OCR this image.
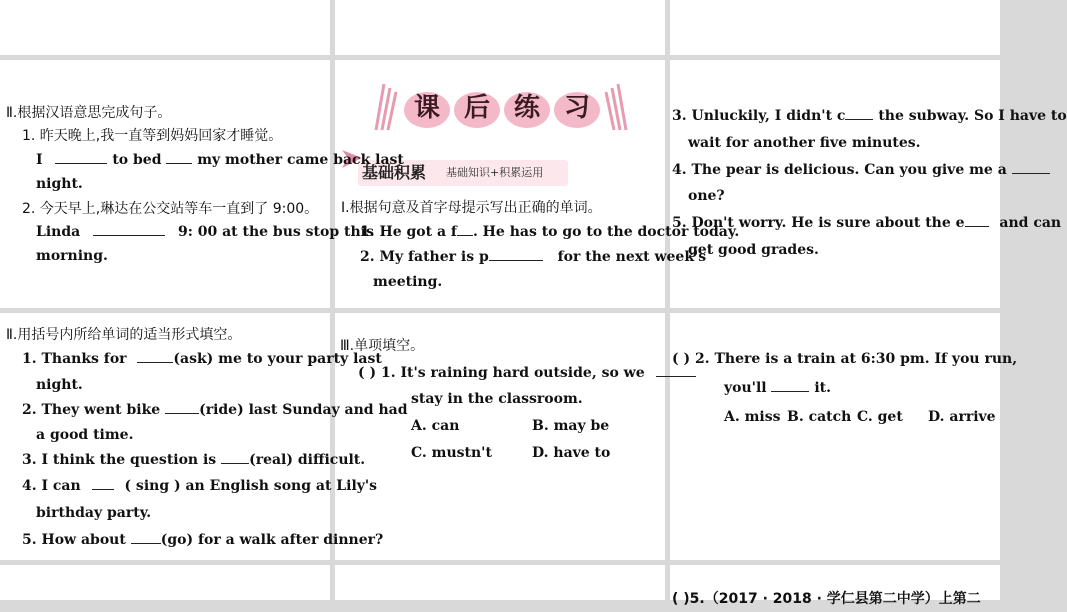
课 后 练 习
基础积累 基础知识+积累运用
Ⅰ.根据句意及首字母提示写出正确的单词。
1. He got a f . He has to go to the doctor today.
2. My father is p	for the next week's
meeting.
Ⅱ.根据汉语意思完成句子。
1. 昨天晚上,我一直等到妈妈回家才睡觉。
I	to bed	my mother came back last
night.
2. 今天早上,琳达在公交站等车一直到了 9:00。
Linda	9: 00 at the bus stop this
morning.
3. Unluckily, I didn't c the subway. So I have to
wait for another five minutes.
4. The pear is delicious. Can you give me a
one?
5. Don't worry. He is sure about the e and can
get good grades.
Ⅱ.用括号内所给单词的适当形式填空。
1. Thanks for	(ask) me to your party last
night.
2. They went bike	(ride) last Sunday and had
a good time.
3. I think the question is (real) difficult.
4. I can	( sing ) an English song at Lily's
birthday party.
5. How about (go) for a walk after dinner?
Ⅲ.单项填空。
( ) 1. It's raining hard outside, so we
stay in the classroom.
A. can	B. may be
C. mustn't	D. have to
( ) 2. There is a train at 6:30 pm. If you run,
you'll	it.
A. miss B. catch C. get D. arrive
( )5.（2017 · 2018 · 学仁县第二中学）上第二
